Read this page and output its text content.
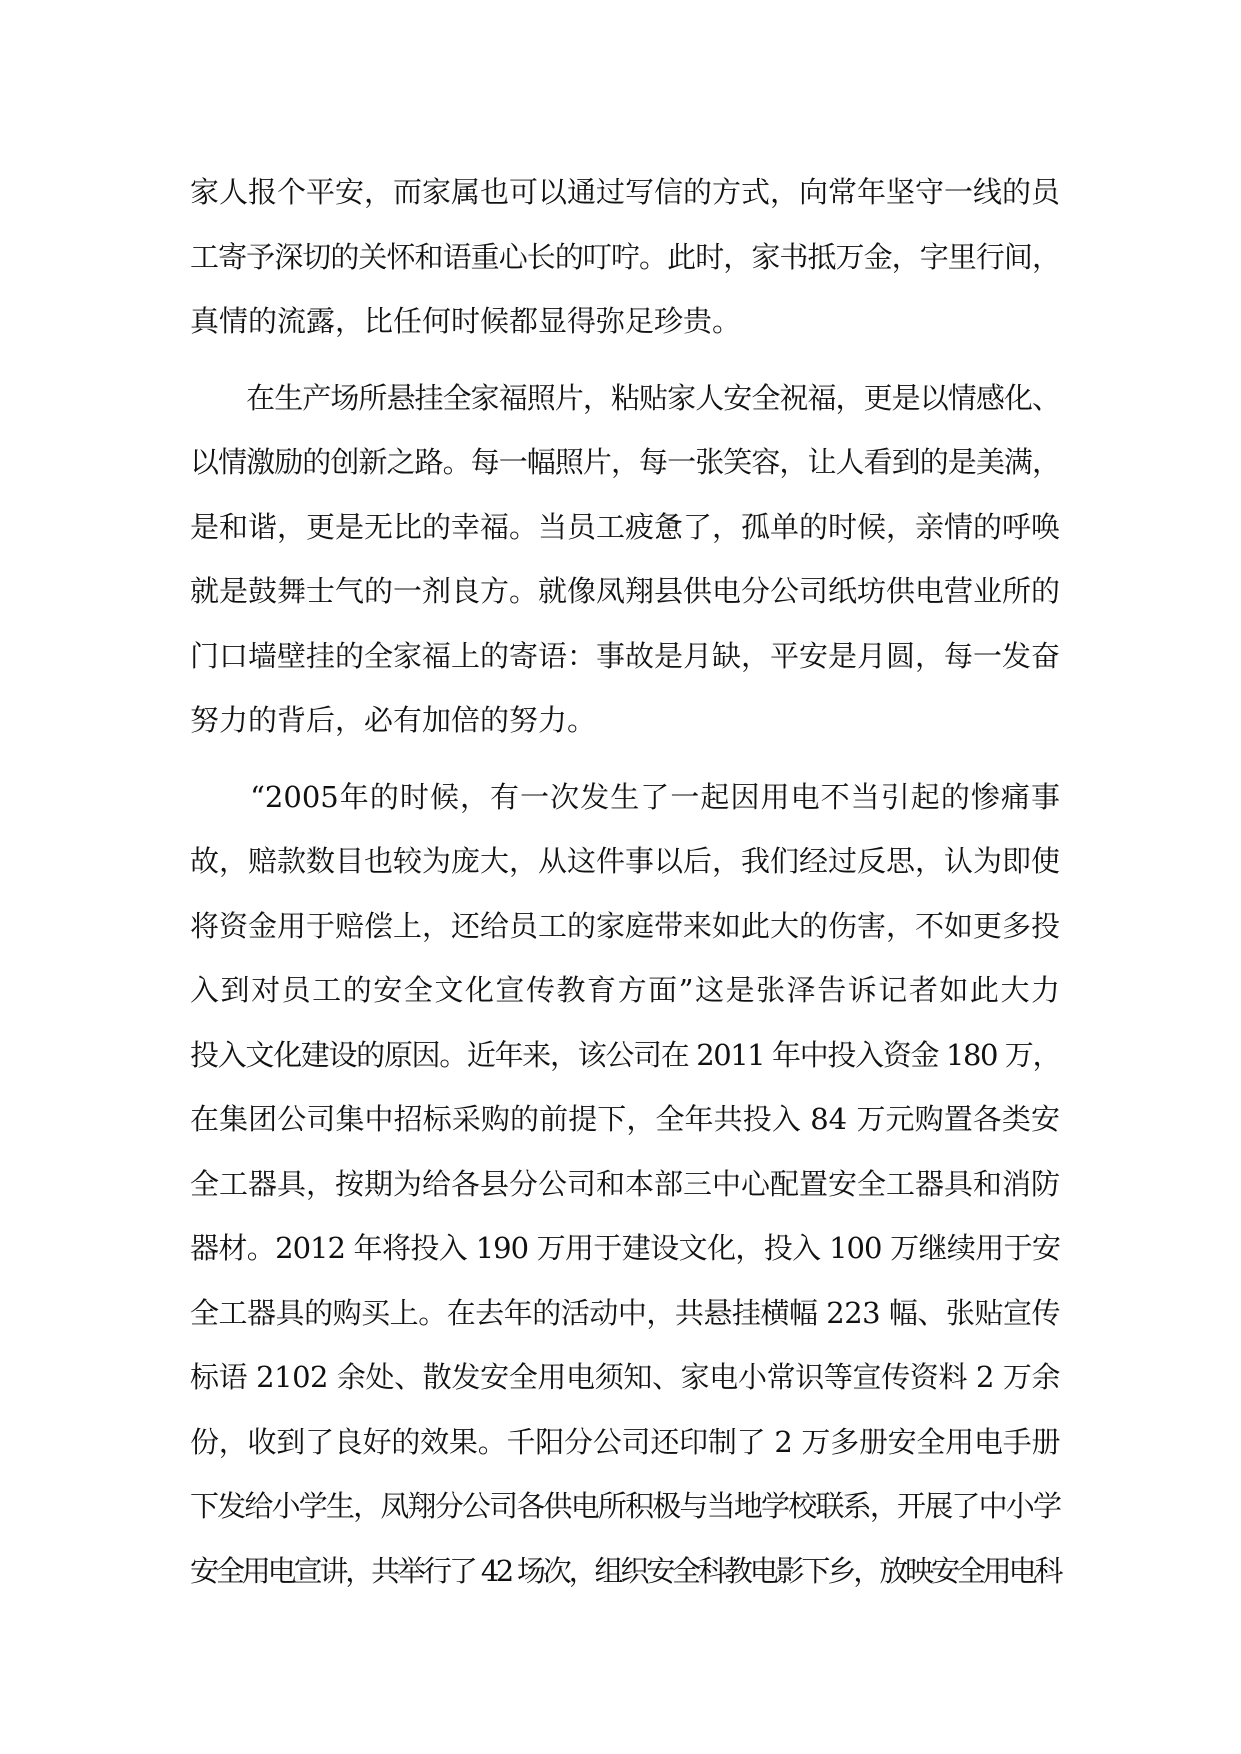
家人报个平安，而家属也可以通过写信的方式，向常年坚守一线的员
工寄予深切的关怀和语重心长的叮咛。此时，家书抵万金，字里行间，
真情的流露，比任何时候都显得弥足珍贵。
　　在生产场所悬挂全家福照片，粘贴家人安全祝福，更是以情感化、
以情激励的创新之路。每一幅照片，每一张笑容，让人看到的是美满，
是和谐，更是无比的幸福。当员工疲惫了，孤单的时候，亲情的呼唤
就是鼓舞士气的一剂良方。就像凤翔县供电分公司纸坊供电营业所的
门口墙壁挂的全家福上的寄语：事故是月缺，平安是月圆，每一发奋
努力的背后，必有加倍的努力。
　　“2005年的时候，有一次发生了一起因用电不当引起的惨痛事
故，赔款数目也较为庞大，从这件事以后，我们经过反思，认为即使
将资金用于赔偿上，还给员工的家庭带来如此大的伤害，不如更多投
入到对员工的安全文化宣传教育方面”这是张泽告诉记者如此大力
投入文化建设的原因。近年来，该公司在 2011 年中投入资金 180 万，
在集团公司集中招标采购的前提下，全年共投入 84 万元购置各类安
全工器具，按期为给各县分公司和本部三中心配置安全工器具和消防
器材。2012 年将投入 190 万用于建设文化，投入 100 万继续用于安
全工器具的购买上。在去年的活动中，共悬挂横幅 223 幅、张贴宣传
标语 2102 余处、散发安全用电须知、家电小常识等宣传资料 2 万余
份，收到了良好的效果。千阳分公司还印制了 2 万多册安全用电手册
下发给小学生，凤翔分公司各供电所积极与当地学校联系，开展了中小学
安全用电宣讲，共举行了 42 场次，组织安全科教电影下乡，放映安全用电科
